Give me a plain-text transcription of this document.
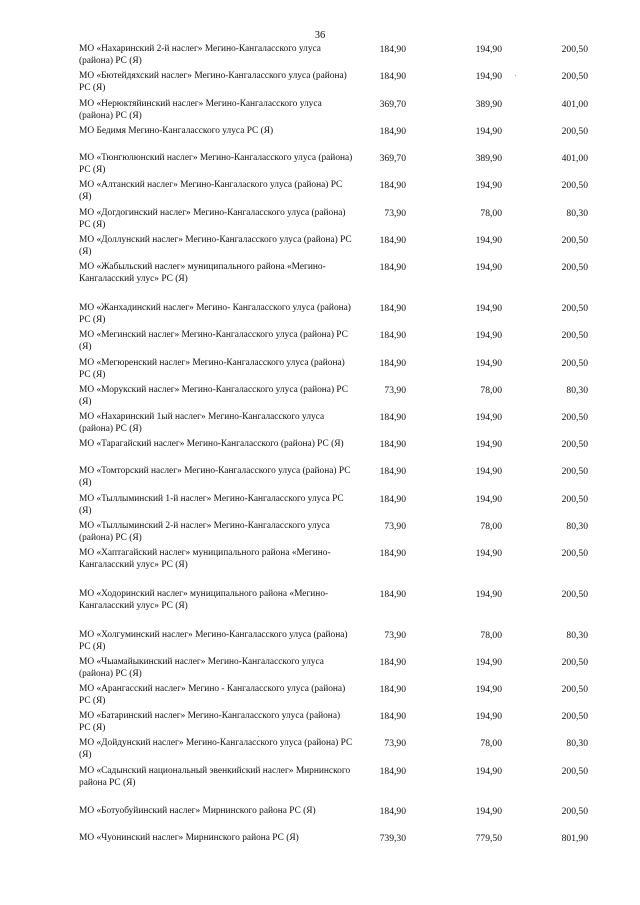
36
МО «Нахаринский 2-й наслег» Мегино-Кангаласского улуса (района) РС (Я)
184,90	194,90	200,50
МО «Бютейдяхский наслег» Мегино-Кангаласского улуса (района) РС (Я)
184,90	194,90	200,50
МО «Нерюктяйинский наслег» Мегино-Кангаласского улуса (района) РС (Я)
369,70	389,90	401,00
МО Бедимя Мегино-Кангаласского улуса РС (Я)	184,90	194,90	200,50
МО «Тюнгюлюнский наслег» Мегино-Кангаласского улуса (района) РС (Я)
369,70	389,90	401,00
МО «Алтанский наслег» Мегино-Кангалаского улуса (района) РС (Я)
184,90	194,90	200,50
МО «Догдогинский наслег» Мегино-Кангаласского улуса (района) РС (Я)
73,90	78,00	80,30
МО «Доллунский наслег» Мегино-Кангаласского улуса (района) РС (Я)
184,90	194,90	200,50
МО «Жабыльский наслег» муниципального района «Мегино-Кангаласский улус» РС (Я)
184,90	194,90	200,50
МО «Жанхадинский наслег» Мегино- Кангаласского улуса (района) РС (Я)
184,90	194,90	200,50
МО «Мегинский наслег» Мегино-Кангаласского улуса (района) РС (Я)
184,90	194,90	200,50
МО «Мегюренский наслег» Мегино-Кангаласского улуса (района) РС (Я)
184,90	194,90	200,50
МО «Морукский наслег» Мегино-Кангаласского улуса (района) РС (Я)
73,90	78,00	80,30
МО «Нахаринский 1ый наслег» Мегино-Кангаласского улуса (района) РС (Я)
184,90	194,90	200,50
МО «Тарагайский наслег» Мегино-Кангаласского (района) РС (Я)	184,90	194,90	200,50
МО «Томторский наслег» Мегино-Кангаласского улуса (района) РС (Я)
184,90	194,90	200,50
МО «Тыллыминский 1-й наслег» Мегино-Кангаласского улуса РС (Я)
184,90	194,90	200,50
МО «Тыллыминский 2-й наслег» Мегино-Кангаласского улуса (района) РС (Я)
73,90	78,00	80,30
МО «Хаптагайский наслег» муниципального района «Мегино-Кангаласский улус» РС (Я)
184,90	194,90	200,50
МО «Ходоринский наслег» муниципального района «Мегино-Кангаласский улус» РС (Я)
184,90	194,90	200,50
МО «Холгуминский наслег» Мегино-Кангаласского улуса (района) РС (Я)
73,90	78,00	80,30
МО «Чыамайыкинский наслег» Мегино-Кангаласского улуса (района) РС (Я)
184,90	194,90	200,50
МО «Арангасский наслег» Мегино - Кангаласского улуса (района) РС (Я)
184,90	194,90	200,50
МО «Батаринский наслег» Мегино-Кангаласского улуса (района) РС (Я)
184,90	194,90	200,50
МО «Дойдунский наслег» Мегино-Кангаласского улуса (района) РС (Я)
73,90	78,00	80,30
МО «Садынский национальный эвенкийский наслег» Мирнинского района РС (Я)
184,90	194,90	200,50
МО «Ботуобуйинский наслег» Мирнинского района РС (Я)	184,90	194,90	200,50
МО «Чуонинский наслег» Мирнинского района РС (Я)	739,30	779,50	801,90
